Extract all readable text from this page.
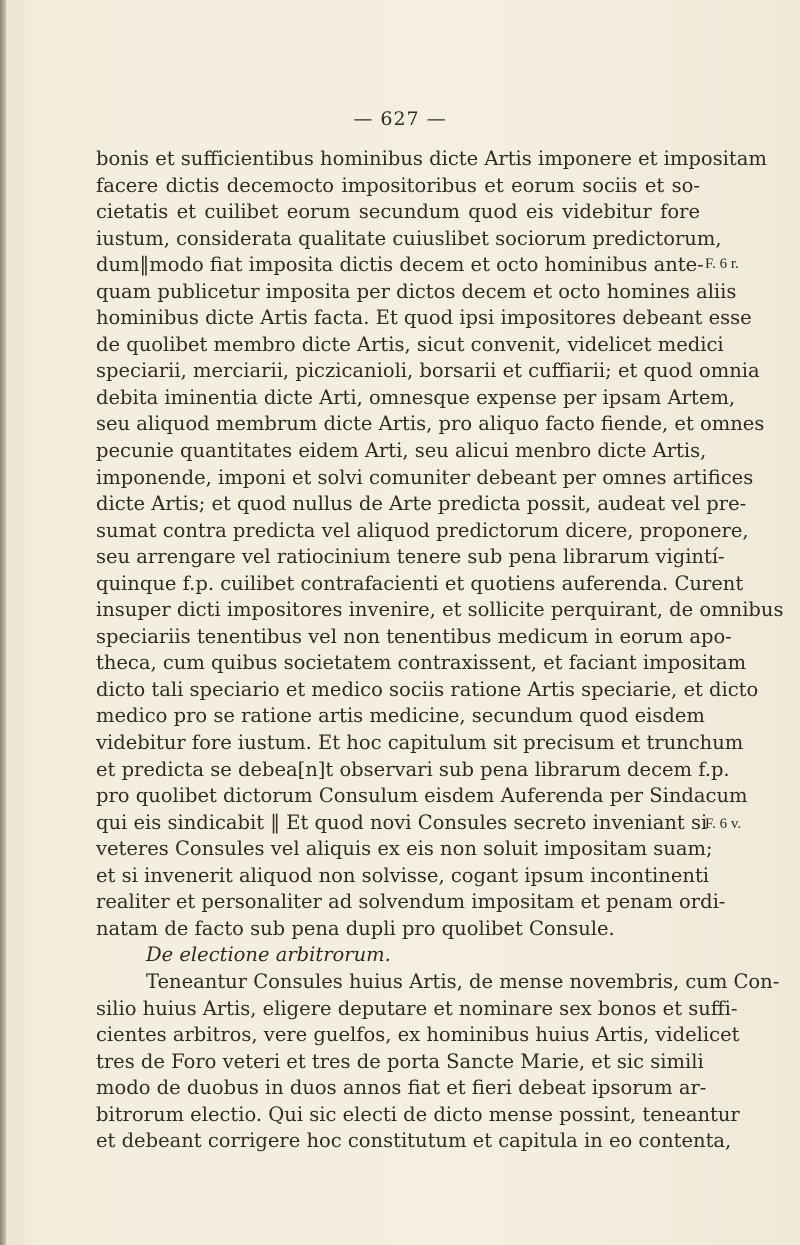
— 627 —
bonis et sufficientibus hominibus dicte Artis imponere et impositam
facere dictis decemocto impositoribus et eorum sociis et so-
cietatis et cuilibet eorum secundum quod eis videbitur fore
iustum, considerata qualitate cuiuslibet sociorum predictorum,
dum‖modo fiat imposita dictis decem et octo hominibus ante-
quam publicetur imposita per dictos decem et octo homines aliis
hominibus dicte Artis facta. Et quod ipsi impositores debeant esse
de quolibet membro dicte Artis, sicut convenit, videlicet medici
speciarii, merciarii, piczicanioli, borsarii et cuffiarii; et quod omnia
debita iminentia dicte Arti, omnesque expense per ipsam Artem,
seu aliquod membrum dicte Artis, pro aliquo facto fiende, et omnes
pecunie quantitates eidem Arti, seu alicui menbro dicte Artis,
imponende, imponi et solvi comuniter debeant per omnes artifices
dicte Artis; et quod nullus de Arte predicta possit, audeat vel pre-
sumat contra predicta vel aliquod predictorum dicere, proponere,
seu arrengare vel ratiocinium tenere sub pena librarum vigintí-
quinque f.p. cuilibet contrafacienti et quotiens auferenda. Curent
insuper dicti impositores invenire, et sollicite perquirant, de omnibus
speciariis tenentibus vel non tenentibus medicum in eorum apo-
theca, cum quibus societatem contraxissent, et faciant impositam
dicto tali speciario et medico sociis ratione Artis speciarie, et dicto
medico pro se ratione artis medicine, secundum quod eisdem
videbitur fore iustum. Et hoc capitulum sit precisum et trunchum
et predicta se debea[n]t observari sub pena librarum decem f.p.
pro quolibet dictorum Consulum eisdem Auferenda per Sindacum
qui eis sindicabit ‖ Et quod novi Consules secreto inveniant si
veteres Consules vel aliquis ex eis non soluit impositam suam;
et si invenerit aliquod non solvisse, cogant ipsum incontinenti
realiter et personaliter ad solvendum impositam et penam ordi-
natam de facto sub pena dupli pro quolibet Consule.
De electione arbitrorum.
Teneantur Consules huius Artis, de mense novembris, cum Con-
silio huius Artis, eligere deputare et nominare sex bonos et suffi-
cientes arbitros, vere guelfos, ex hominibus huius Artis, videlicet
tres de Foro veteri et tres de porta Sancte Marie, et sic simili
modo de duobus in duos annos fiat et fieri debeat ipsorum ar-
bitrorum electio. Qui sic electi de dicto mense possint, teneantur
et debeant corrigere hoc constitutum et capitula in eo contenta,
F. 6 r.
F. 6 v.
